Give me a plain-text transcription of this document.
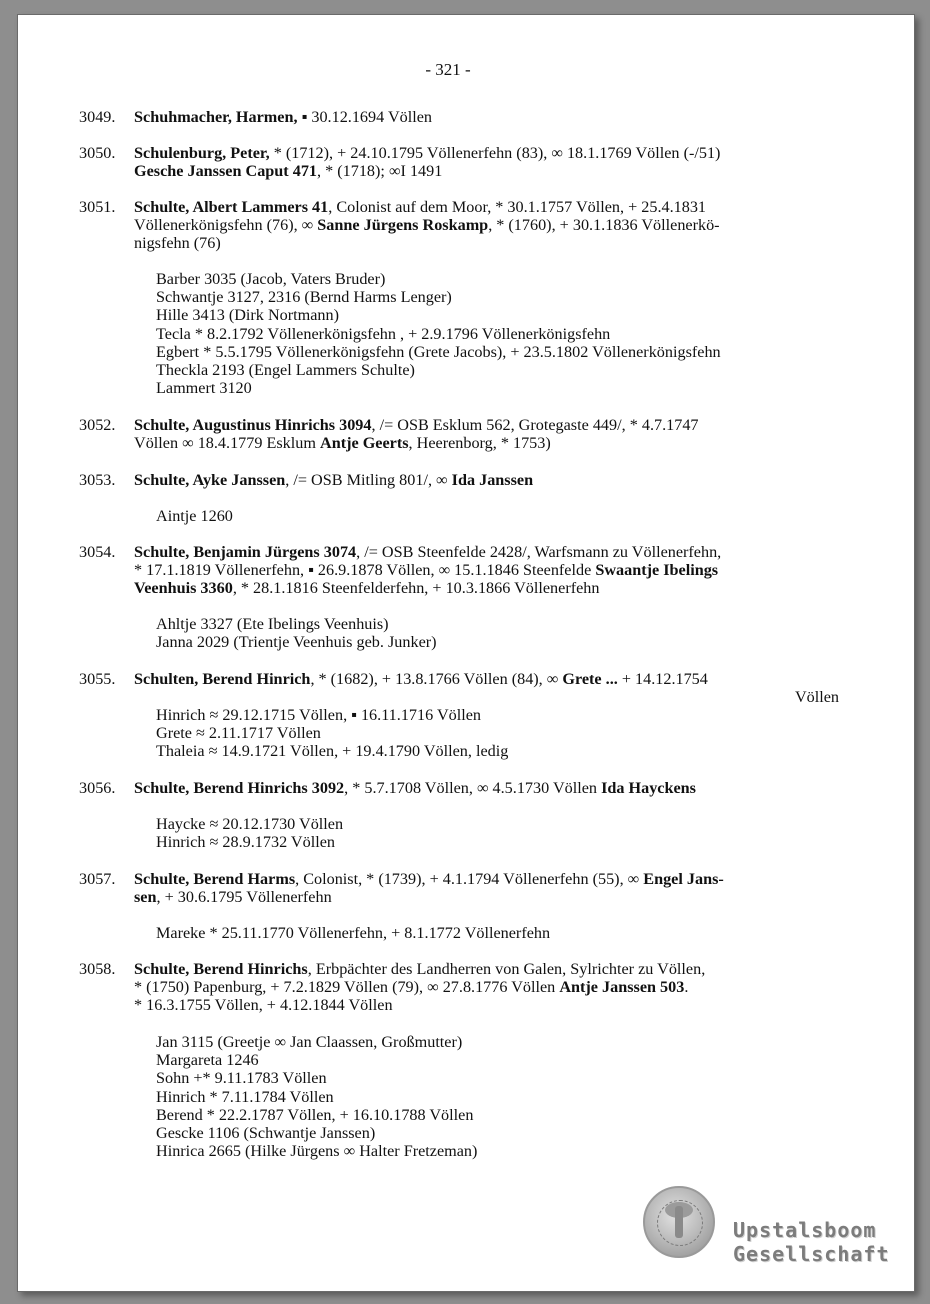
- 321 -
3049. Schuhmacher, Harmen, ▪ 30.12.1694 Völlen
3050. Schulenburg, Peter, * (1712), + 24.10.1795 Völlenerfehn (83), ∞ 18.1.1769 Völlen (-/51)
Gesche Janssen Caput 471, * (1718); ∞I 1491
3051. Schulte, Albert Lammers 41, Colonist auf dem Moor, * 30.1.1757 Völlen, + 25.4.1831
Völlenerkönigsfehn (76), ∞ Sanne Jürgens Roskamp, * (1760), + 30.1.1836 Völlenerkö-
nigsfehn (76)
Barber 3035 (Jacob, Vaters Bruder)
Schwantje 3127, 2316 (Bernd Harms Lenger)
Hille 3413 (Dirk Nortmann)
Tecla * 8.2.1792 Völlenerkönigsfehn , + 2.9.1796 Völlenerkönigsfehn
Egbert * 5.5.1795 Völlenerkönigsfehn (Grete Jacobs), + 23.5.1802 Völlenerkönigsfehn
Theckla 2193 (Engel Lammers Schulte)
Lammert 3120
3052. Schulte, Augustinus Hinrichs 3094, /= OSB Esklum 562, Grotegaste 449/, * 4.7.1747
Völlen ∞ 18.4.1779 Esklum Antje Geerts, Heerenborg, * 1753)
3053. Schulte, Ayke Janssen, /= OSB Mitling 801/, ∞ Ida Janssen
Aintje 1260
3054. Schulte, Benjamin Jürgens 3074, /= OSB Steenfelde 2428/, Warfsmann zu Völlenerfehn,
* 17.1.1819 Völlenerfehn, ▪ 26.9.1878 Völlen, ∞ 15.1.1846 Steenfelde Swaantje Ibelings
Veenhuis 3360, * 28.1.1816 Steenfelderfehn, + 10.3.1866 Völlenerfehn
Ahltje 3327 (Ete Ibelings Veenhuis)
Janna 2029 (Trientje Veenhuis geb. Junker)
3055. Schulten, Berend Hinrich, * (1682), + 13.8.1766 Völlen (84), ∞ Grete ... + 14.12.1754
Völlen
Hinrich ≈ 29.12.1715 Völlen, ▪ 16.11.1716 Völlen
Grete ≈ 2.11.1717 Völlen
Thaleia ≈ 14.9.1721 Völlen, + 19.4.1790 Völlen, ledig
3056. Schulte, Berend Hinrichs 3092, * 5.7.1708 Völlen, ∞ 4.5.1730 Völlen Ida Hayckens
Haycke ≈ 20.12.1730 Völlen
Hinrich ≈ 28.9.1732 Völlen
3057. Schulte, Berend Harms, Colonist, * (1739), + 4.1.1794 Völlenerfehn (55), ∞ Engel Jans-
sen, + 30.6.1795 Völlenerfehn
Mareke * 25.11.1770 Völlenerfehn, + 8.1.1772 Völlenerfehn
3058. Schulte, Berend Hinrichs, Erbpächter des Landherren von Galen, Sylrichter zu Völlen,
* (1750) Papenburg, + 7.2.1829 Völlen (79), ∞ 27.8.1776 Völlen Antje Janssen 503.
* 16.3.1755 Völlen, + 4.12.1844 Völlen
Jan 3115 (Greetje ∞ Jan Claassen, Großmutter)
Margareta 1246
Sohn +* 9.11.1783 Völlen
Hinrich * 7.11.1784 Völlen
Berend * 22.2.1787 Völlen, + 16.10.1788 Völlen
Gescke 1106 (Schwantje Janssen)
Hinrica 2665 (Hilke Jürgens ∞ Halter Fretzeman)
Upstalsboom
Gesellschaft
